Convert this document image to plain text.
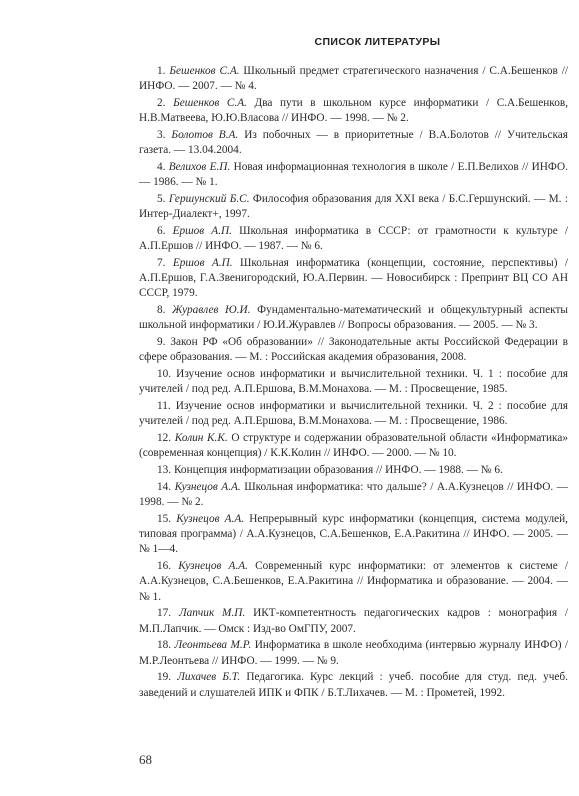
СПИСОК ЛИТЕРАТУРЫ
1. Бешенков С.А. Школьный предмет стратегического назначения / С.А.Бешенков // ИНФО. — 2007. — № 4.
2. Бешенков С.А. Два пути в школьном курсе информатики / С.А.Бешенков, Н.В.Матвеева, Ю.Ю.Власова // ИНФО. — 1998. — № 2.
3. Болотов В.А. Из побочных — в приоритетные / В.А.Болотов // Учительская газета. — 13.04.2004.
4. Велихов Е.П. Новая информационная технология в школе / Е.П.Велихов // ИНФО. — 1986. — № 1.
5. Гершунский Б.С. Философия образования для XXI века / Б.С.Гершунский. — М. : Интер-Диалект+, 1997.
6. Ершов А.П. Школьная информатика в СССР: от грамотности к культуре / А.П.Ершов // ИНФО. — 1987. — № 6.
7. Ершов А.П. Школьная информатика (концепции, состояние, перспективы) / А.П.Ершов, Г.А.Звенигородский, Ю.А.Первин. — Новосибирск : Препринт ВЦ СО АН СССР, 1979.
8. Журавлев Ю.И. Фундаментально-математический и общекультурный аспекты школьной информатики / Ю.И.Журавлев // Вопросы образования. — 2005. — № 3.
9. Закон РФ «Об образовании» // Законодательные акты Российской Федерации в сфере образования. — М. : Российская академия образования, 2008.
10. Изучение основ информатики и вычислительной техники. Ч. 1 : пособие для учителей / под ред. А.П.Ершова, В.М.Монахова. — М. : Просвещение, 1985.
11. Изучение основ информатики и вычислительной техники. Ч. 2 : пособие для учителей / под ред. А.П.Ершова, В.М.Монахова. — М. : Просвещение, 1986.
12. Колин К.К. О структуре и содержании образовательной области «Информатика» (современная концепция) / К.К.Колин // ИНФО. — 2000. — № 10.
13. Концепция информатизации образования // ИНФО. — 1988. — № 6.
14. Кузнецов А.А. Школьная информатика: что дальше? / А.А.Кузнецов // ИНФО. — 1998. — № 2.
15. Кузнецов А.А. Непрерывный курс информатики (концепция, система модулей, типовая программа) / А.А.Кузнецов, С.А.Бешенков, Е.А.Ракитина // ИНФО. — 2005. — № 1—4.
16. Кузнецов А.А. Современный курс информатики: от элементов к системе / А.А.Кузнецов, С.А.Бешенков, Е.А.Ракитина // Информатика и образование. — 2004. — № 1.
17. Лапчик М.П. ИКТ-компетентность педагогических кадров : монография / М.П.Лапчик. — Омск : Изд-во ОмГПУ, 2007.
18. Леонтьева М.Р. Информатика в школе необходима (интервью журналу ИНФО) / М.Р.Леонтьева // ИНФО. — 1999. — № 9.
19. Лихачев Б.Т. Педагогика. Курс лекций : учеб. пособие для студ. пед. учеб. заведений и слушателей ИПК и ФПК / Б.Т.Лихачев. — М. : Прометей, 1992.
68
